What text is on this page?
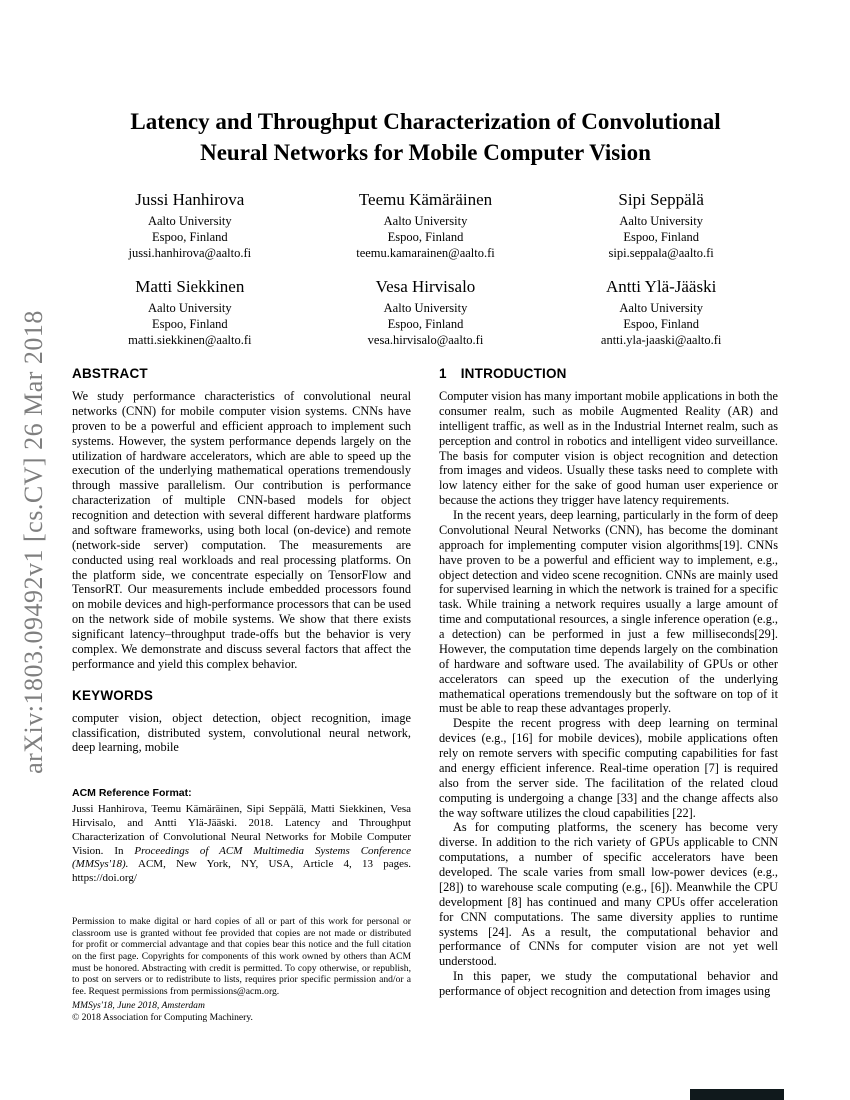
arXiv:1803.09492v1 [cs.CV] 26 Mar 2018
Latency and Throughput Characterization of Convolutional Neural Networks for Mobile Computer Vision
Jussi Hanhirova
Aalto University
Espoo, Finland
jussi.hanhirova@aalto.fi
Teemu Kämäräinen
Aalto University
Espoo, Finland
teemu.kamarainen@aalto.fi
Sipi Seppälä
Aalto University
Espoo, Finland
sipi.seppala@aalto.fi
Matti Siekkinen
Aalto University
Espoo, Finland
matti.siekkinen@aalto.fi
Vesa Hirvisalo
Aalto University
Espoo, Finland
vesa.hirvisalo@aalto.fi
Antti Ylä-Jääski
Aalto University
Espoo, Finland
antti.yla-jaaski@aalto.fi
ABSTRACT

We study performance characteristics of convolutional neural networks (CNN) for mobile computer vision systems. CNNs have proven to be a powerful and efficient approach to implement such systems. However, the system performance depends largely on the utilization of hardware accelerators, which are able to speed up the execution of the underlying mathematical operations tremendously through massive parallelism. Our contribution is performance characterization of multiple CNN-based models for object recognition and detection with several different hardware platforms and software frameworks, using both local (on-device) and remote (network-side server) computation. The measurements are conducted using real workloads and real processing platforms. On the platform side, we concentrate especially on TensorFlow and TensorRT. Our measurements include embedded processors found on mobile devices and high-performance processors that can be used on the network side of mobile systems. We show that there exists significant latency–throughput trade-offs but the behavior is very complex. We demonstrate and discuss several factors that affect the performance and yield this complex behavior.

KEYWORDS

computer vision, object detection, object recognition, image classification, distributed system, convolutional neural network, deep learning, mobile

ACM Reference Format:

Jussi Hanhirova, Teemu Kämäräinen, Sipi Seppälä, Matti Siekkinen, Vesa Hirvisalo, and Antti Ylä-Jääski. 2018. Latency and Throughput Characterization of Convolutional Neural Networks for Mobile Computer Vision. In Proceedings of ACM Multimedia Systems Conference (MMSys'18). ACM, New York, NY, USA, Article 4, 13 pages. https://doi.org/

Permission to make digital or hard copies of all or part of this work for personal or classroom use is granted without fee provided that copies are not made or distributed for profit or commercial advantage and that copies bear this notice and the full citation on the first page. Copyrights for components of this work owned by others than ACM must be honored. Abstracting with credit is permitted. To copy otherwise, or republish, to post on servers or to redistribute to lists, requires prior specific permission and/or a fee. Request permissions from permissions@acm.org.
MMSys'18, June 2018, Amsterdam
© 2018 Association for Computing Machinery.
1 INTRODUCTION

Computer vision has many important mobile applications in both the consumer realm, such as mobile Augmented Reality (AR) and intelligent traffic, as well as in the Industrial Internet realm, such as perception and control in robotics and intelligent video surveillance. The basis for computer vision is object recognition and detection from images and videos. Usually these tasks need to complete with low latency either for the sake of good human user experience or because the actions they trigger have latency requirements.

In the recent years, deep learning, particularly in the form of deep Convolutional Neural Networks (CNN), has become the dominant approach for implementing computer vision algorithms[19]. CNNs have proven to be a powerful and efficient way to implement, e.g., object detection and video scene recognition. CNNs are mainly used for supervised learning in which the network is trained for a specific task. While training a network requires usually a large amount of time and computational resources, a single inference operation (e.g., a detection) can be performed in just a few milliseconds[29]. However, the computation time depends largely on the combination of hardware and software used. The availability of GPUs or other accelerators can speed up the execution of the underlying mathematical operations tremendously but the software on top of it must be able to reap these advantages properly.

Despite the recent progress with deep learning on terminal devices (e.g., [16] for mobile devices), mobile applications often rely on remote servers with specific computing capabilities for fast and energy efficient inference. Real-time operation [7] is required also from the server side. The facilitation of the related cloud computing is undergoing a change [33] and the change affects also the way software utilizes the cloud capabilities [22].

As for computing platforms, the scenery has become very diverse. In addition to the rich variety of GPUs applicable to CNN computations, a number of specific accelerators have been developed. The scale varies from small low-power devices (e.g., [28]) to warehouse scale computing (e.g., [6]). Meanwhile the CPU development [8] has continued and many CPUs offer acceleration for CNN computations. The same diversity applies to runtime systems [24]. As a result, the computational behavior and performance of CNNs for computer vision are not yet well understood.

In this paper, we study the computational behavior and performance of object recognition and detection from images using
